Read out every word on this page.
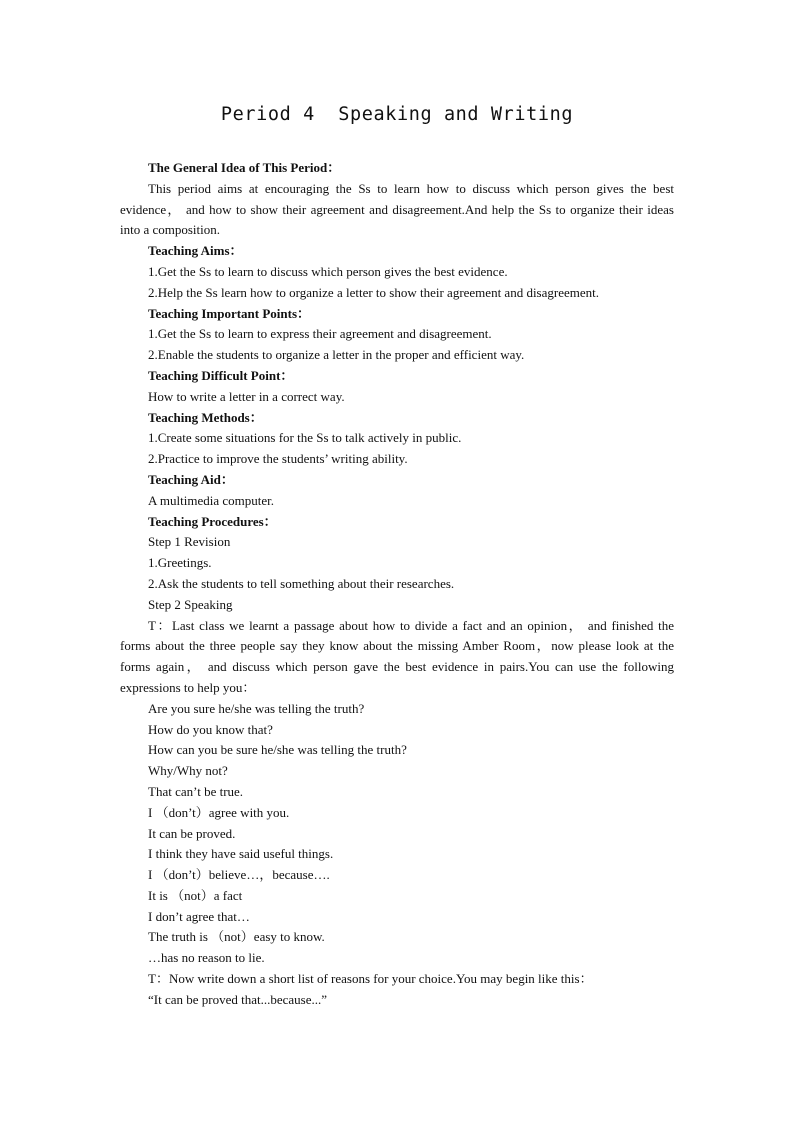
Period 4  Speaking and Writing

The General Idea of This Period：

This period aims at encouraging the Ss to learn how to discuss which person gives the best evidence， and how to show their agreement and disagreement.And help the Ss to organize their ideas into a composition.

Teaching Aims：

1.Get the Ss to learn to discuss which person gives the best evidence.

2.Help the Ss learn how to organize a letter to show their agreement and disagreement.

Teaching Important Points：

1.Get the Ss to learn to express their agreement and disagreement.

2.Enable the students to organize a letter in the proper and efficient way.

Teaching Difficult Point：

How to write a letter in a correct way.

Teaching Methods：

1.Create some situations for the Ss to talk actively in public.

2.Practice to improve the students’ writing ability.

Teaching Aid：

A multimedia computer.

Teaching Procedures：

Step 1 Revision

1.Greetings.

2.Ask the students to tell something about their researches.

Step 2 Speaking

T：Last class we learnt a passage about how to divide a fact and an opinion， and finished the forms about the three people say they know about the missing Amber Room，now please look at the forms again， and discuss which person gave the best evidence in pairs.You can use the following expressions to help you：

Are you sure he/she was telling the truth?

How do you know that?

How can you be sure he/she was telling the truth?

Why/Why not?

That can’t be true.

I （don’t）agree with you.

It can be proved.

I think they have said useful things.

I （don’t）believe…，because….

It is （not）a fact

I don’t agree that…

The truth is （not）easy to know.

…has no reason to lie.

T：Now write down a short list of reasons for your choice.You may begin like this：

“It can be proved that...because...”
